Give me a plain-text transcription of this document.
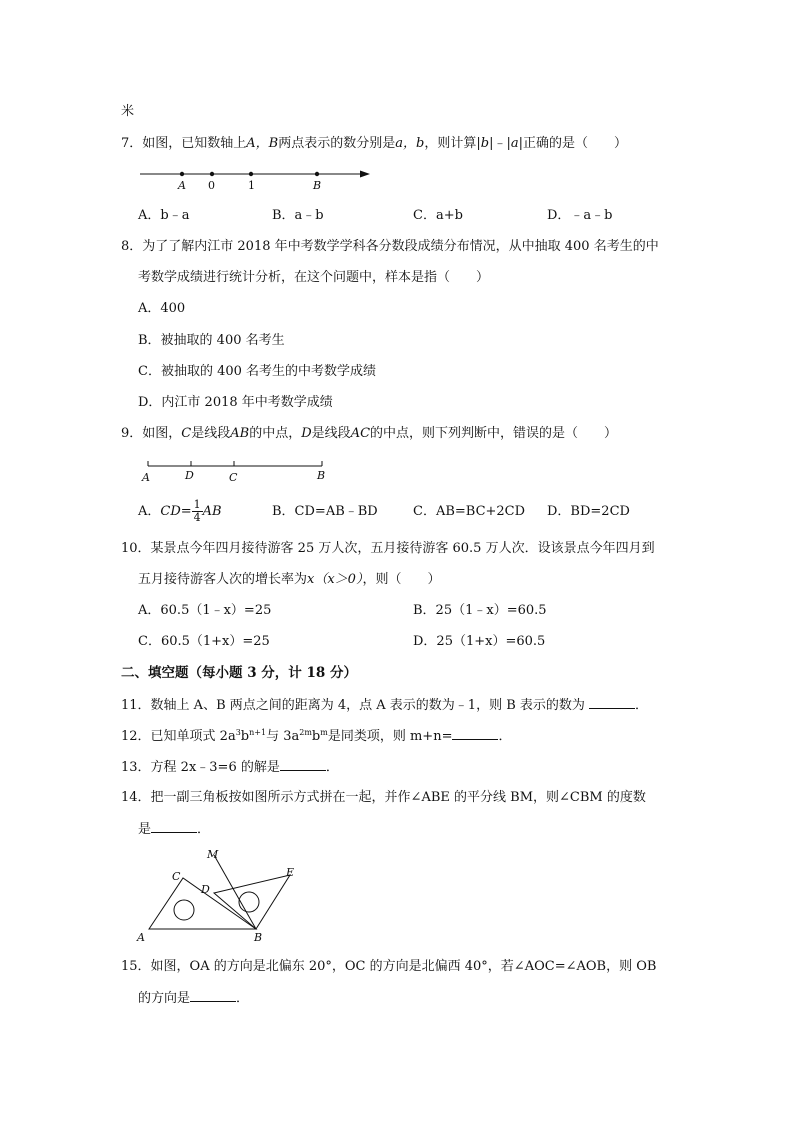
米
7．如图，已知数轴上A，B两点表示的数分别是a，b，则计算|b|﹣|a|正确的是（　　）
A 0	1	B
A．b﹣a	B．a﹣b	C．a+b	D．﹣a﹣b
8．为了了解内江市 2018 年中考数学学科各分数段成绩分布情况，从中抽取 400 名考生的中
考数学成绩进行统计分析，在这个问题中，样本是指（　　）
A．400
B．被抽取的 400 名考生
C．被抽取的 400 名考生的中考数学成绩
D．内江市 2018 年中考数学成绩
9．如图，C是线段AB的中点，D是线段AC的中点，则下列判断中，错误的是（　　）
A	D	C	B
A．$CD= \frac{1}{4}$ AB	B．CD=AB﹣BD	C．AB=BC+2CD D．BD=2CD
10．某景点今年四月接待游客 25 万人次，五月接待游客 60.5 万人次．设该景点今年四月到
五月接待游客人次的增长率为x（x＞0），则（　　）
A．60.5（1﹣x）=25	B．25（1﹣x）=60.5
C．60.5（1+x）=25	D．25（1+x）=60.5
二、填空题（每小题 3 分，计 18 分）
11．数轴上 A、B 两点之间的距离为 4，点 A 表示的数为﹣1，则 B 表示的数为	．
12．已知单项式 $2a^3b^{n+1}$与 $3a^{2m}b^m$是同类项，则 m+n=	．
13．方程 2x﹣3=6 的解是	．
14．把一副三角板按如图所示方式拼在一起，并作∠ABE 的平分线 BM，则∠CBM 的度数
是	．
M
C
D
E
A	B
15．如图，OA 的方向是北偏东 20°，OC 的方向是北偏西 40°，若∠AOC=∠AOB，则 OB
的方向是	．
